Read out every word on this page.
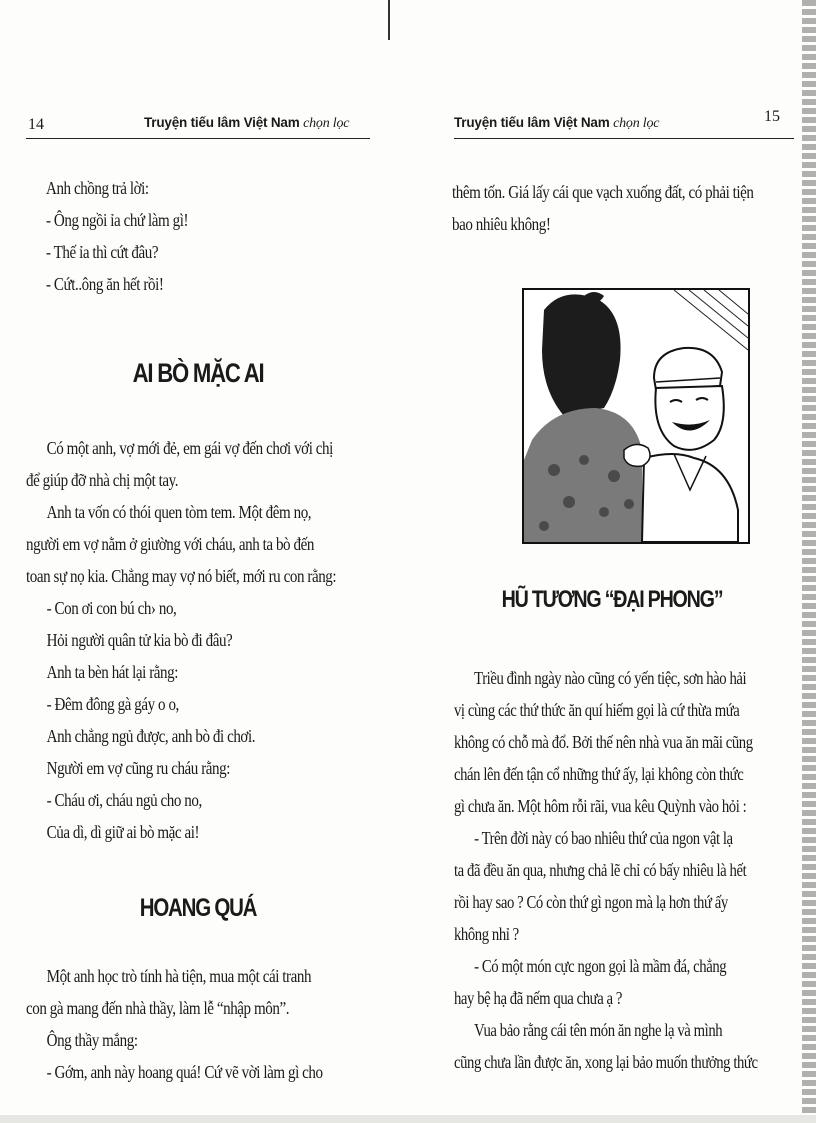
14	Truyện tiếu lâm Việt Nam chọn lọc

Anh chồng trả lời:

- Ông ngồi ỉa chứ làm gì!

- Thế ỉa thì cứt đâu?

- Cứt..ông ăn hết rồi!

AI BÒ MẶC AI

Có một anh, vợ mới đẻ, em gái vợ đến chơi với chị

để giúp đỡ nhà chị một tay.

Anh ta vốn có thói quen tòm tem. Một đêm nọ,

người em vợ nằm ở giường với cháu, anh ta bò đến

toan sự nọ kia. Chẳng may vợ nó biết, mới ru con rằng:

- Con ơi con bú ch› no,

Hỏi người quân tử kia bò đi đâu?

Anh ta bèn hát lại rằng:

- Đêm đông gà gáy o o,

Anh chẳng ngủ được, anh bò đi chơi.

Người em vợ cũng ru cháu rằng:

- Cháu ơi, cháu ngủ cho no,

Của dì, dì giữ ai bò mặc ai!

HOANG QUÁ

Một anh học trò tính hà tiện, mua một cái tranh

con gà mang đến nhà thầy, làm lễ “nhập môn”.

Ông thầy mắng:

- Gớm, anh này hoang quá! Cứ vẽ vời làm gì cho

Truyện tiếu lâm Việt Nam chọn lọc	15

thêm tốn. Giá lấy cái que vạch xuống đất, có phải tiện

bao nhiêu không!

HŨ TƯƠNG “ĐẠI PHONG”

Triều đình ngày nào cũng có yến tiệc, sơn hào hải

vị cùng các thứ thức ăn quí hiếm gọi là cứ thừa mứa

không có chỗ mà đổ. Bởi thế nên nhà vua ăn mãi cũng

chán lên đến tận cổ những thứ ấy, lại không còn thức

gì chưa ăn. Một hôm rỗi rãi, vua kêu Quỳnh vào hỏi :

- Trên đời này có bao nhiêu thứ của ngon vật lạ

ta đã đều ăn qua, nhưng chả lẽ chỉ có bấy nhiêu là hết

rồi hay sao ? Có còn thứ gì ngon mà lạ hơn thứ ấy

không nhỉ ?

- Có một món cực ngon gọi là mầm đá, chẳng

hay bệ hạ đã nếm qua chưa ạ ?

Vua bảo rằng cái tên món ăn nghe lạ và mình

cũng chưa lần được ăn, xong lại bảo muốn thưởng thức
